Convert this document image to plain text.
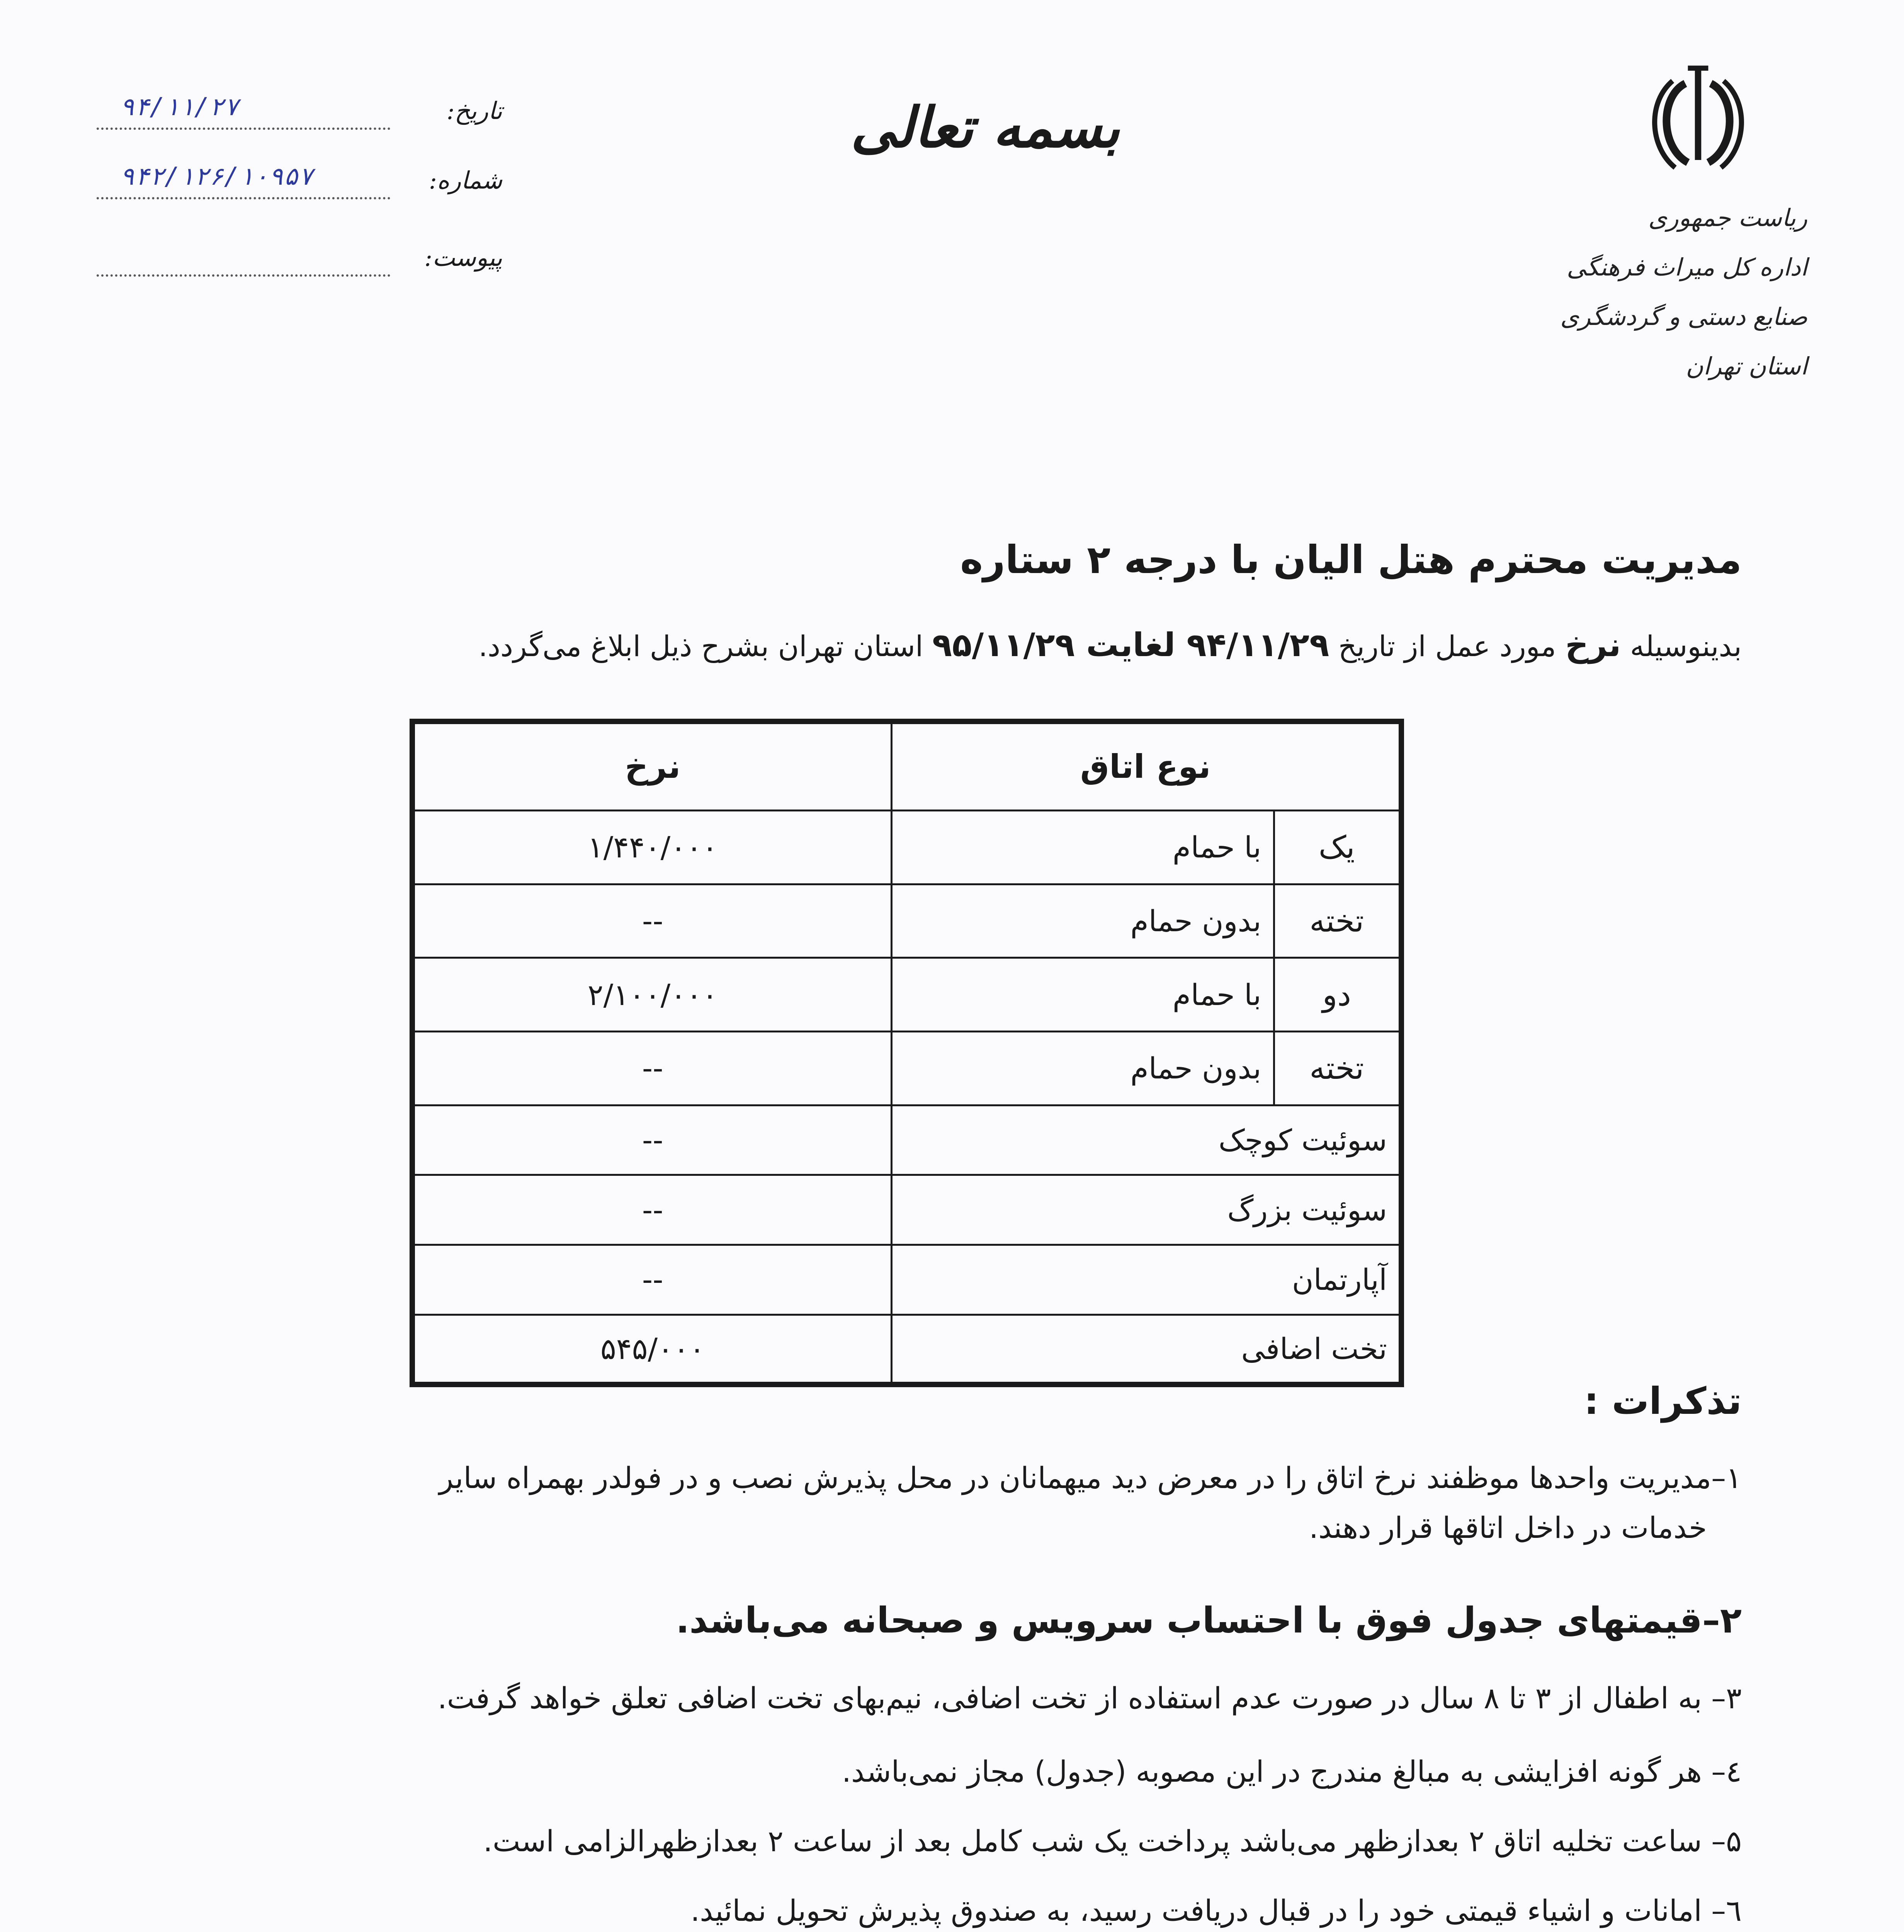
ریاست جمهوری
اداره کل میراث فرهنگی
صنایع دستی و گردشگری
استان تهران
بسمه تعالی
تاریخ:
۹۴/۱۱/۲۷
شماره:
۹۴۲/۱۲۶/۱۰۹۵۷
پیوست:
مدیریت محترم هتل الیان با درجه ۲ ستاره
بدینوسیله نرخ مورد عمل از تاریخ ۹۴/۱۱/۲۹ لغایت ۹۵/۱۱/۲۹ استان تهران بشرح ذیل ابلاغ می‌گردد.
نوع اتاق		نرخ
یک	با حمام	۱/۴۴۰/۰۰۰
تخته	بدون حمام	--
دو	با حمام	۲/۱۰۰/۰۰۰
تخته	بدون حمام	--
سوئیت کوچک		--
سوئیت بزرگ		--
آپارتمان		--
تخت اضافی		۵۴۵/۰۰۰
تذکرات :
۱–مدیریت واحدها موظفند نرخ اتاق را در معرض دید میهمانان در محل پذیرش نصب و در فولدر بهمراه سایر
خدمات در داخل اتاقها قرار دهند.
۲–قیمتهای جدول فوق با احتساب سرویس و صبحانه می‌باشد.
۳– به اطفال از ۳ تا ۸ سال در صورت عدم استفاده از تخت اضافی، نیم‌بهای تخت اضافی تعلق خواهد گرفت.
٤– هر گونه افزایشی به مبالغ مندرج در این مصوبه (جدول) مجاز نمی‌باشد.
۵– ساعت تخلیه اتاق ۲ بعدازظهر می‌باشد پرداخت یک شب کامل بعد از ساعت ۲ بعدازظهرالزامی است.
٦– امانات و اشیاء قیمتی خود را در قبال دریافت رسید، به صندوق پذیرش تحویل نمائید.
